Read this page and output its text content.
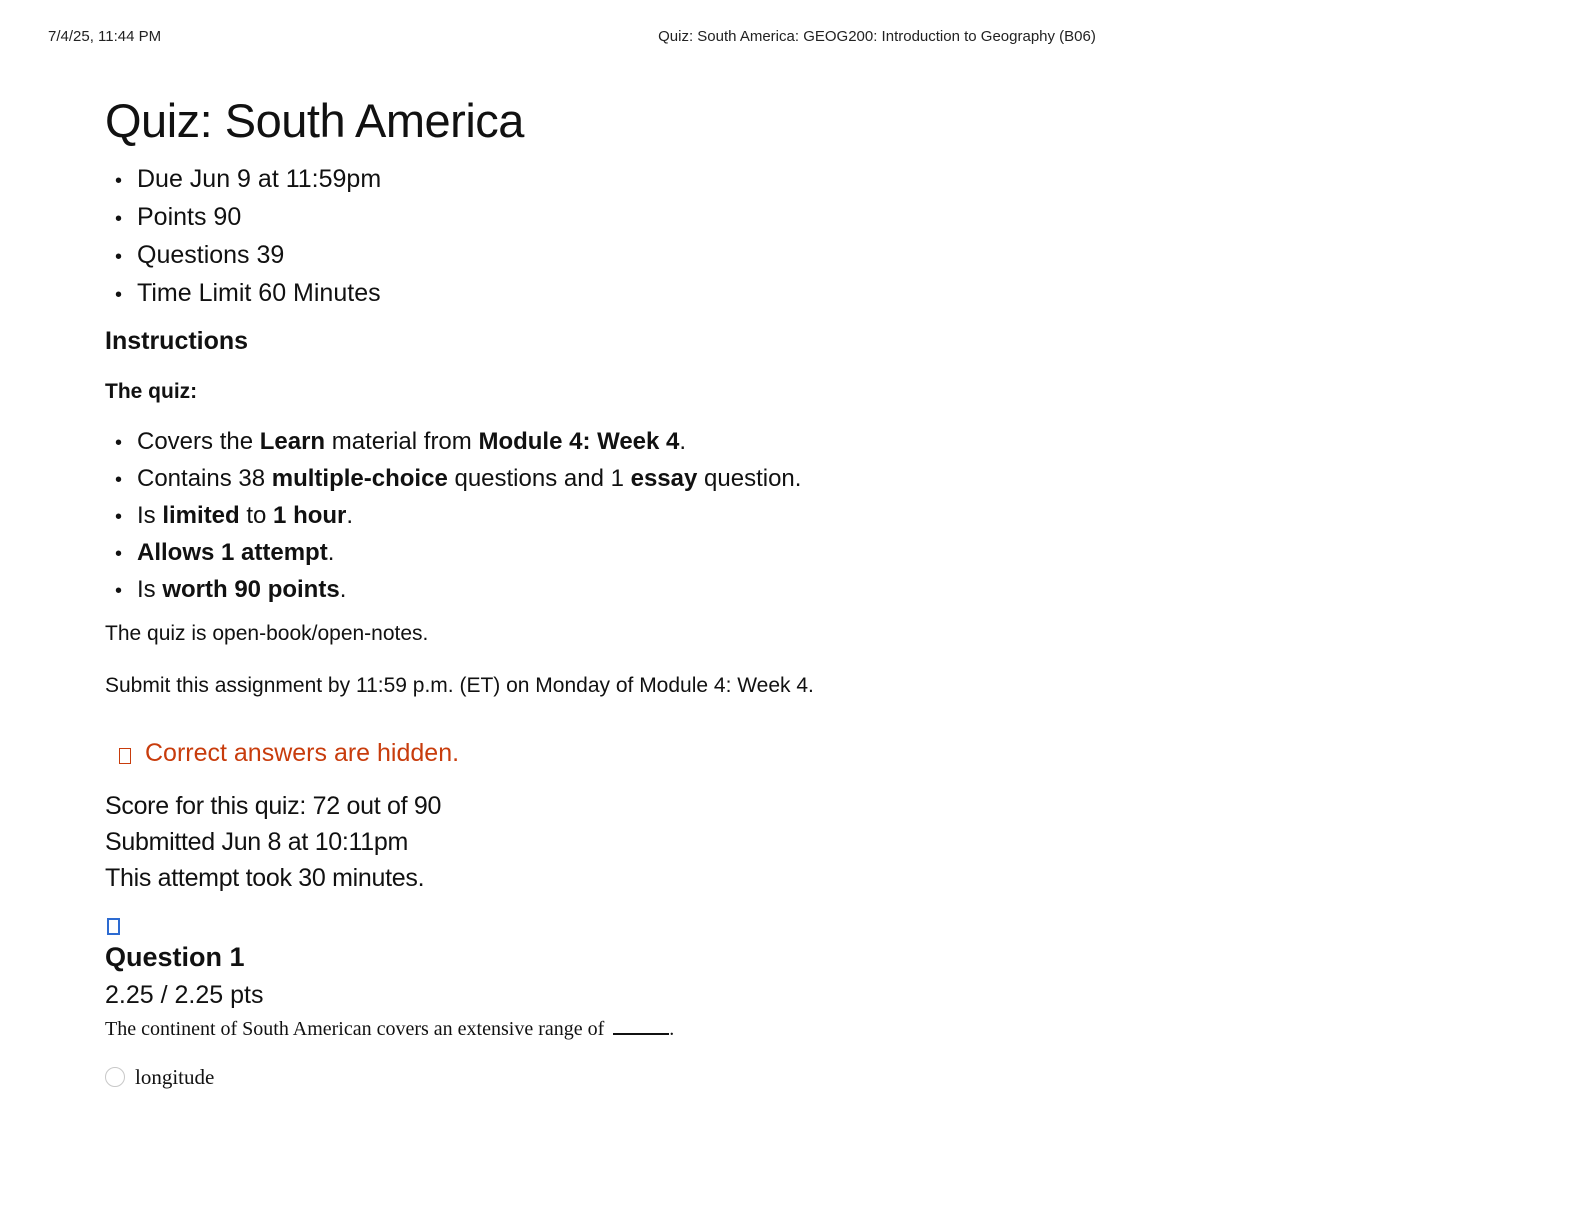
7/4/25, 11:44 PM	Quiz: South America: GEOG200: Introduction to Geography (B06)
Quiz: South America
• Due Jun 9 at 11:59pm
• Points 90
• Questions 39
• Time Limit 60 Minutes
Instructions
The quiz:
• Covers the Learn material from Module 4: Week 4.
• Contains 38 multiple-choice questions and 1 essay question.
• Is limited to 1 hour.
• Allows 1 attempt.
• Is worth 90 points.

The quiz is open-book/open-notes.

Submit this assignment by 11:59 p.m. (ET) on Monday of Module 4: Week 4.

Correct answers are hidden.
Score for this quiz: 72 out of 90
Submitted Jun 8 at 10:11pm
This attempt took 30 minutes.
Question 1
2.25 / 2.25 pts
The continent of South American covers an extensive range of	.
longitude
